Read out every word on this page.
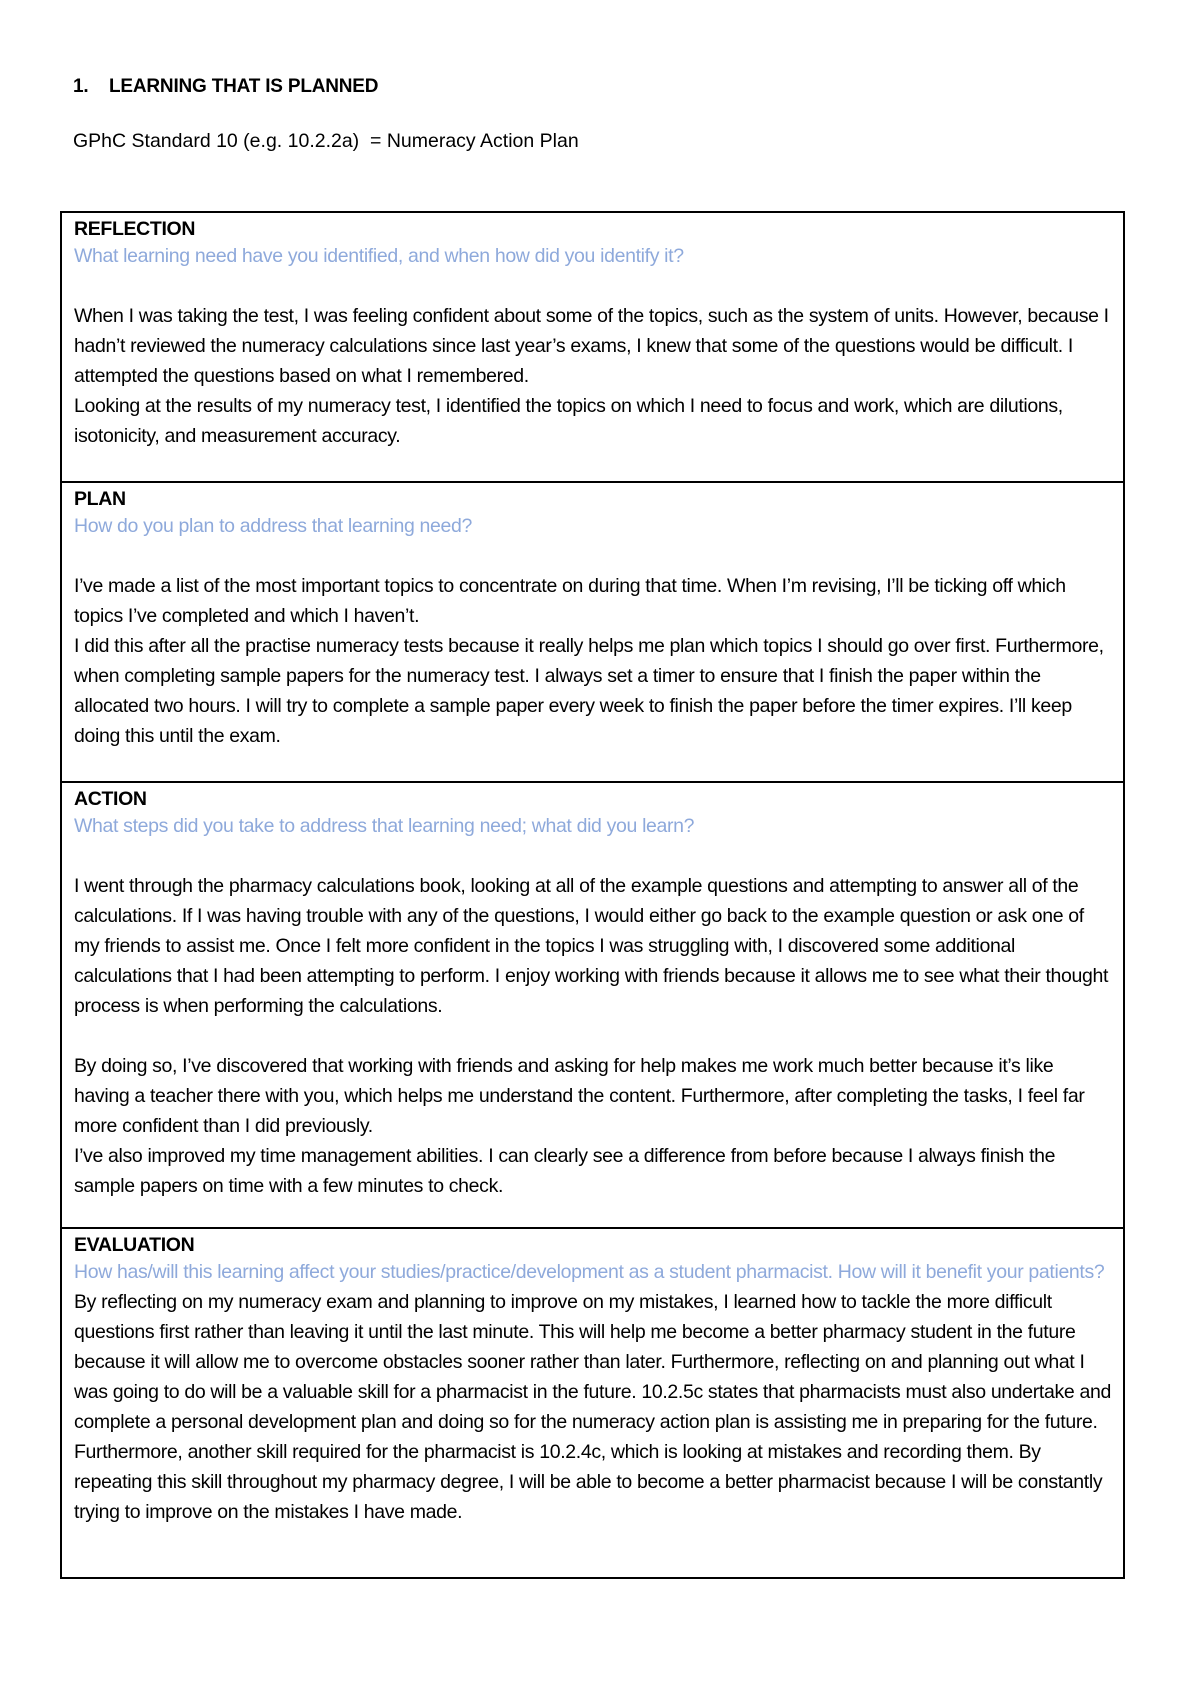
1. LEARNING THAT IS PLANNED
GPhC Standard 10 (e.g. 10.2.2a)  = Numeracy Action Plan
REFLECTION
What learning need have you identified, and when how did you identify it?

When I was taking the test, I was feeling confident about some of the topics, such as the system of units. However, because I hadn’t reviewed the numeracy calculations since last year’s exams, I knew that some of the questions would be difficult. I attempted the questions based on what I remembered.

Looking at the results of my numeracy test, I identified the topics on which I need to focus and work, which are dilutions, isotonicity, and measurement accuracy.

PLAN
How do you plan to address that learning need?

I’ve made a list of the most important topics to concentrate on during that time. When I’m revising, I’ll be ticking off which topics I’ve completed and which I haven’t.

I did this after all the practise numeracy tests because it really helps me plan which topics I should go over first. Furthermore, when completing sample papers for the numeracy test. I always set a timer to ensure that I finish the paper within the allocated two hours. I will try to complete a sample paper every week to finish the paper before the timer expires. I’ll keep doing this until the exam.

ACTION
What steps did you take to address that learning need; what did you learn?

I went through the pharmacy calculations book, looking at all of the example questions and attempting to answer all of the calculations. If I was having trouble with any of the questions, I would either go back to the example question or ask one of my friends to assist me. Once I felt more confident in the topics I was struggling with, I discovered some additional calculations that I had been attempting to perform. I enjoy working with friends because it allows me to see what their thought process is when performing the calculations.

By doing so, I’ve discovered that working with friends and asking for help makes me work much better because it’s like having a teacher there with you, which helps me understand the content. Furthermore, after completing the tasks, I feel far more confident than I did previously.

I’ve also improved my time management abilities. I can clearly see a difference from before because I always finish the sample papers on time with a few minutes to check.

EVALUATION
How has/will this learning affect your studies/practice/development as a student pharmacist. How will it benefit your patients?

By reflecting on my numeracy exam and planning to improve on my mistakes, I learned how to tackle the more difficult questions first rather than leaving it until the last minute. This will help me become a better pharmacy student in the future because it will allow me to overcome obstacles sooner rather than later. Furthermore, reflecting on and planning out what I was going to do will be a valuable skill for a pharmacist in the future. 10.2.5c states that pharmacists must also undertake and complete a personal development plan and doing so for the numeracy action plan is assisting me in preparing for the future. Furthermore, another skill required for the pharmacist is 10.2.4c, which is looking at mistakes and recording them. By repeating this skill throughout my pharmacy degree, I will be able to become a better pharmacist because I will be constantly trying to improve on the mistakes I have made.
